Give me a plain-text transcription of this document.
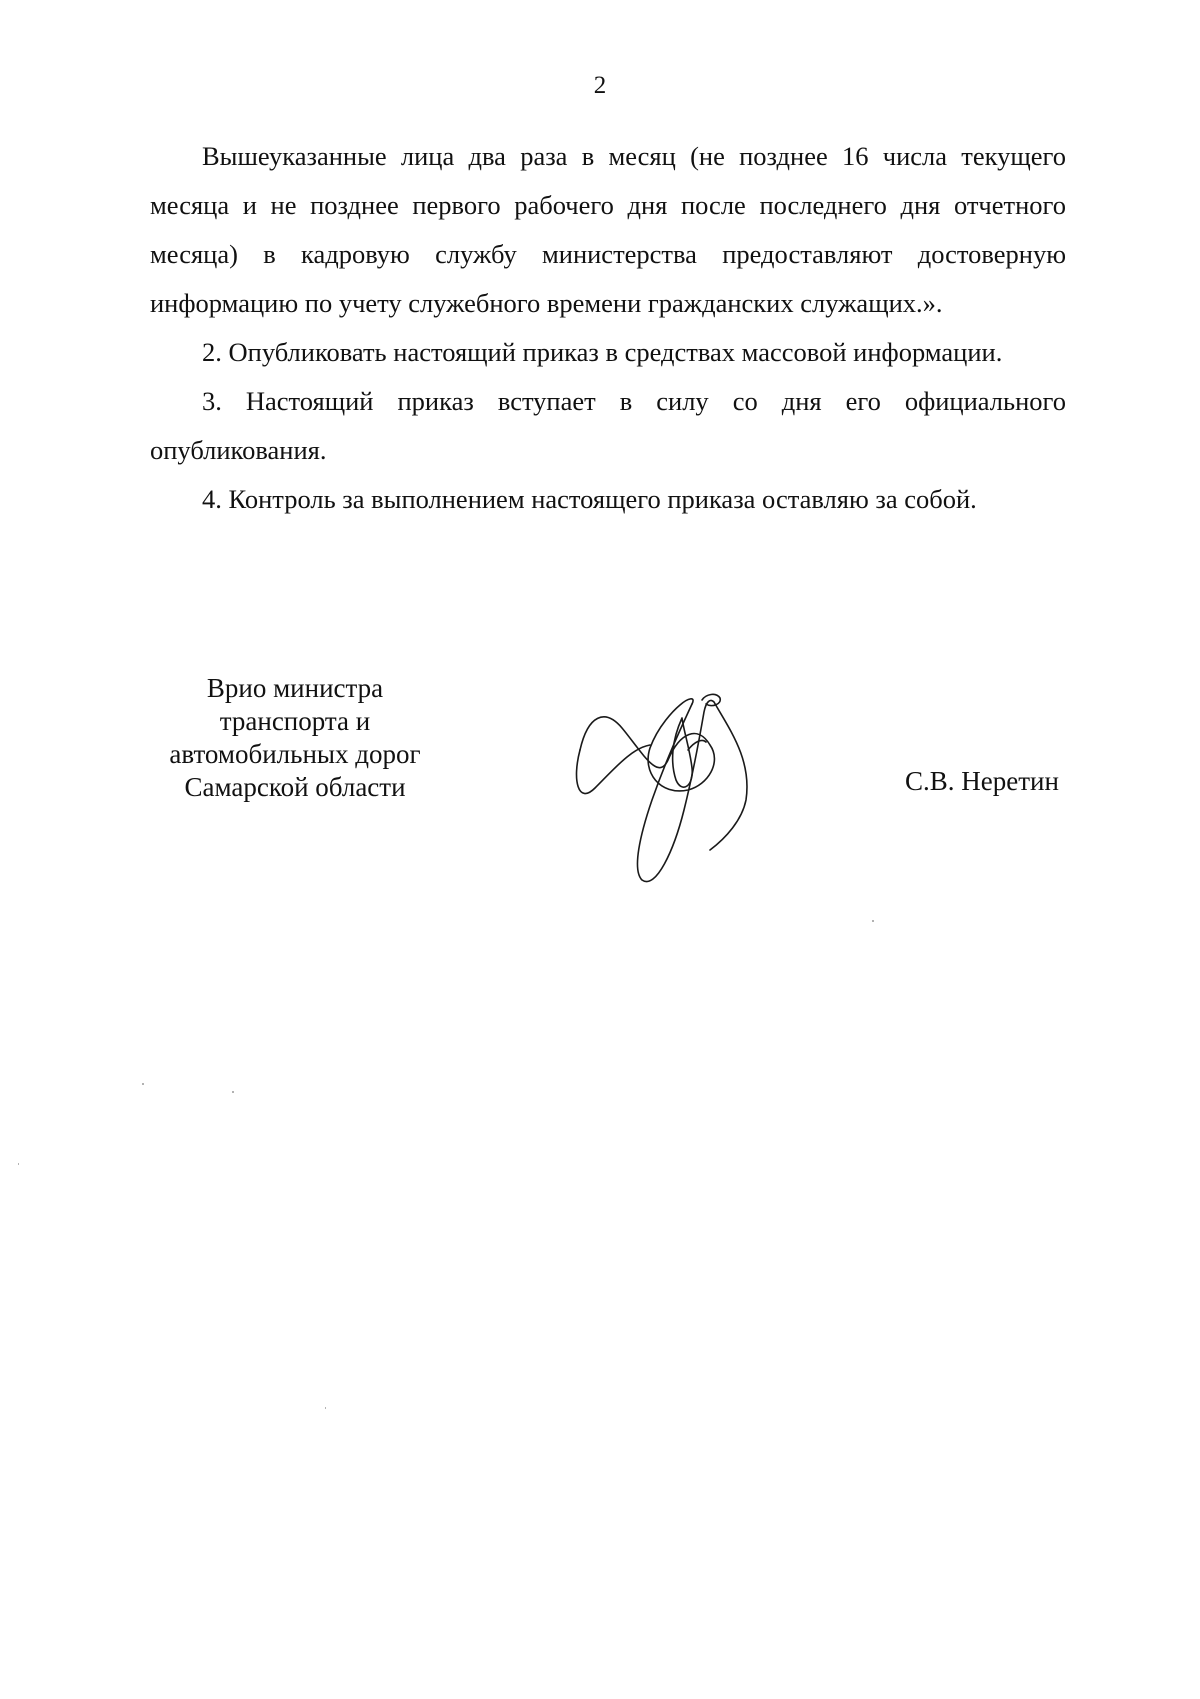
2

Вышеуказанные лица два раза в месяц (не позднее 16 числа текущего месяца и не позднее первого рабочего дня после последнего дня отчетного месяца) в кадровую службу министерства предоставляют достоверную информацию по учету служебного времени гражданских служащих.».

2. Опубликовать настоящий приказ в средствах массовой информации.

3. Настоящий приказ вступает в силу со дня его официального опубликования.

4. Контроль за выполнением настоящего приказа оставляю за собой.

Врио министра
транспорта и
автомобильных дорог
Самарской области	С.В. Неретин
